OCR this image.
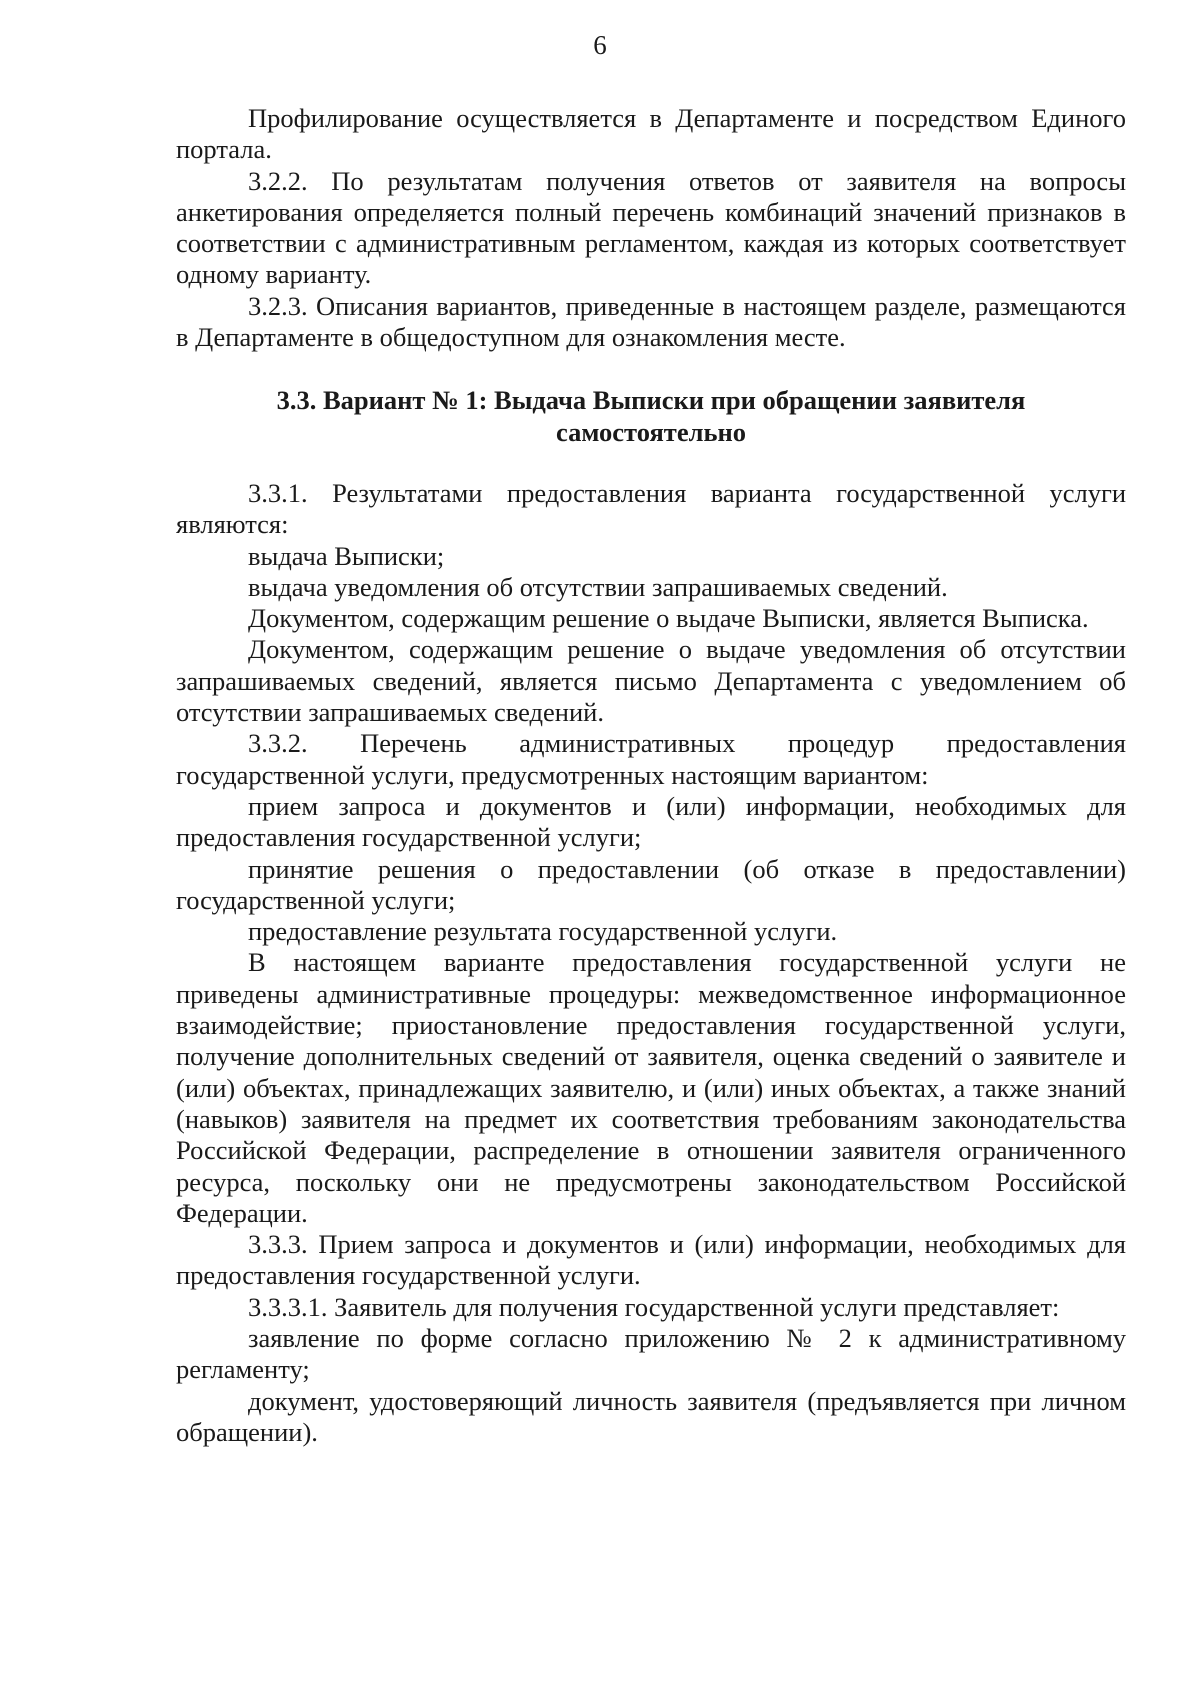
6

Профилирование осуществляется в Департаменте и посредством Единого портала.

3.2.2. По результатам получения ответов от заявителя на вопросы анкетирования определяется полный перечень комбинаций значений признаков в соответствии с административным регламентом, каждая из которых соответствует одному варианту.

3.2.3. Описания вариантов, приведенные в настоящем разделе, размещаются в Департаменте в общедоступном для ознакомления месте.

3.3. Вариант № 1: Выдача Выписки при обращении заявителя самостоятельно

3.3.1. Результатами предоставления варианта государственной услуги являются:

выдача Выписки;

выдача уведомления об отсутствии запрашиваемых сведений.

Документом, содержащим решение о выдаче Выписки, является Выписка.

Документом, содержащим решение о выдаче уведомления об отсутствии запрашиваемых сведений, является письмо Департамента с уведомлением об отсутствии запрашиваемых сведений.

3.3.2. Перечень административных процедур предоставления государственной услуги, предусмотренных настоящим вариантом:

прием запроса и документов и (или) информации, необходимых для предоставления государственной услуги;

принятие решения о предоставлении (об отказе в предоставлении) государственной услуги;

предоставление результата государственной услуги.

В настоящем варианте предоставления государственной услуги не приведены административные процедуры: межведомственное информационное взаимодействие; приостановление предоставления государственной услуги, получение дополнительных сведений от заявителя, оценка сведений о заявителе и (или) объектах, принадлежащих заявителю, и (или) иных объектах, а также знаний (навыков) заявителя на предмет их соответствия требованиям законодательства Российской Федерации, распределение в отношении заявителя ограниченного ресурса, поскольку они не предусмотрены законодательством Российской Федерации.

3.3.3. Прием запроса и документов и (или) информации, необходимых для предоставления государственной услуги.

3.3.3.1. Заявитель для получения государственной услуги представляет:

заявление по форме согласно приложению № 2 к административному регламенту;

документ, удостоверяющий личность заявителя (предъявляется при личном обращении).
